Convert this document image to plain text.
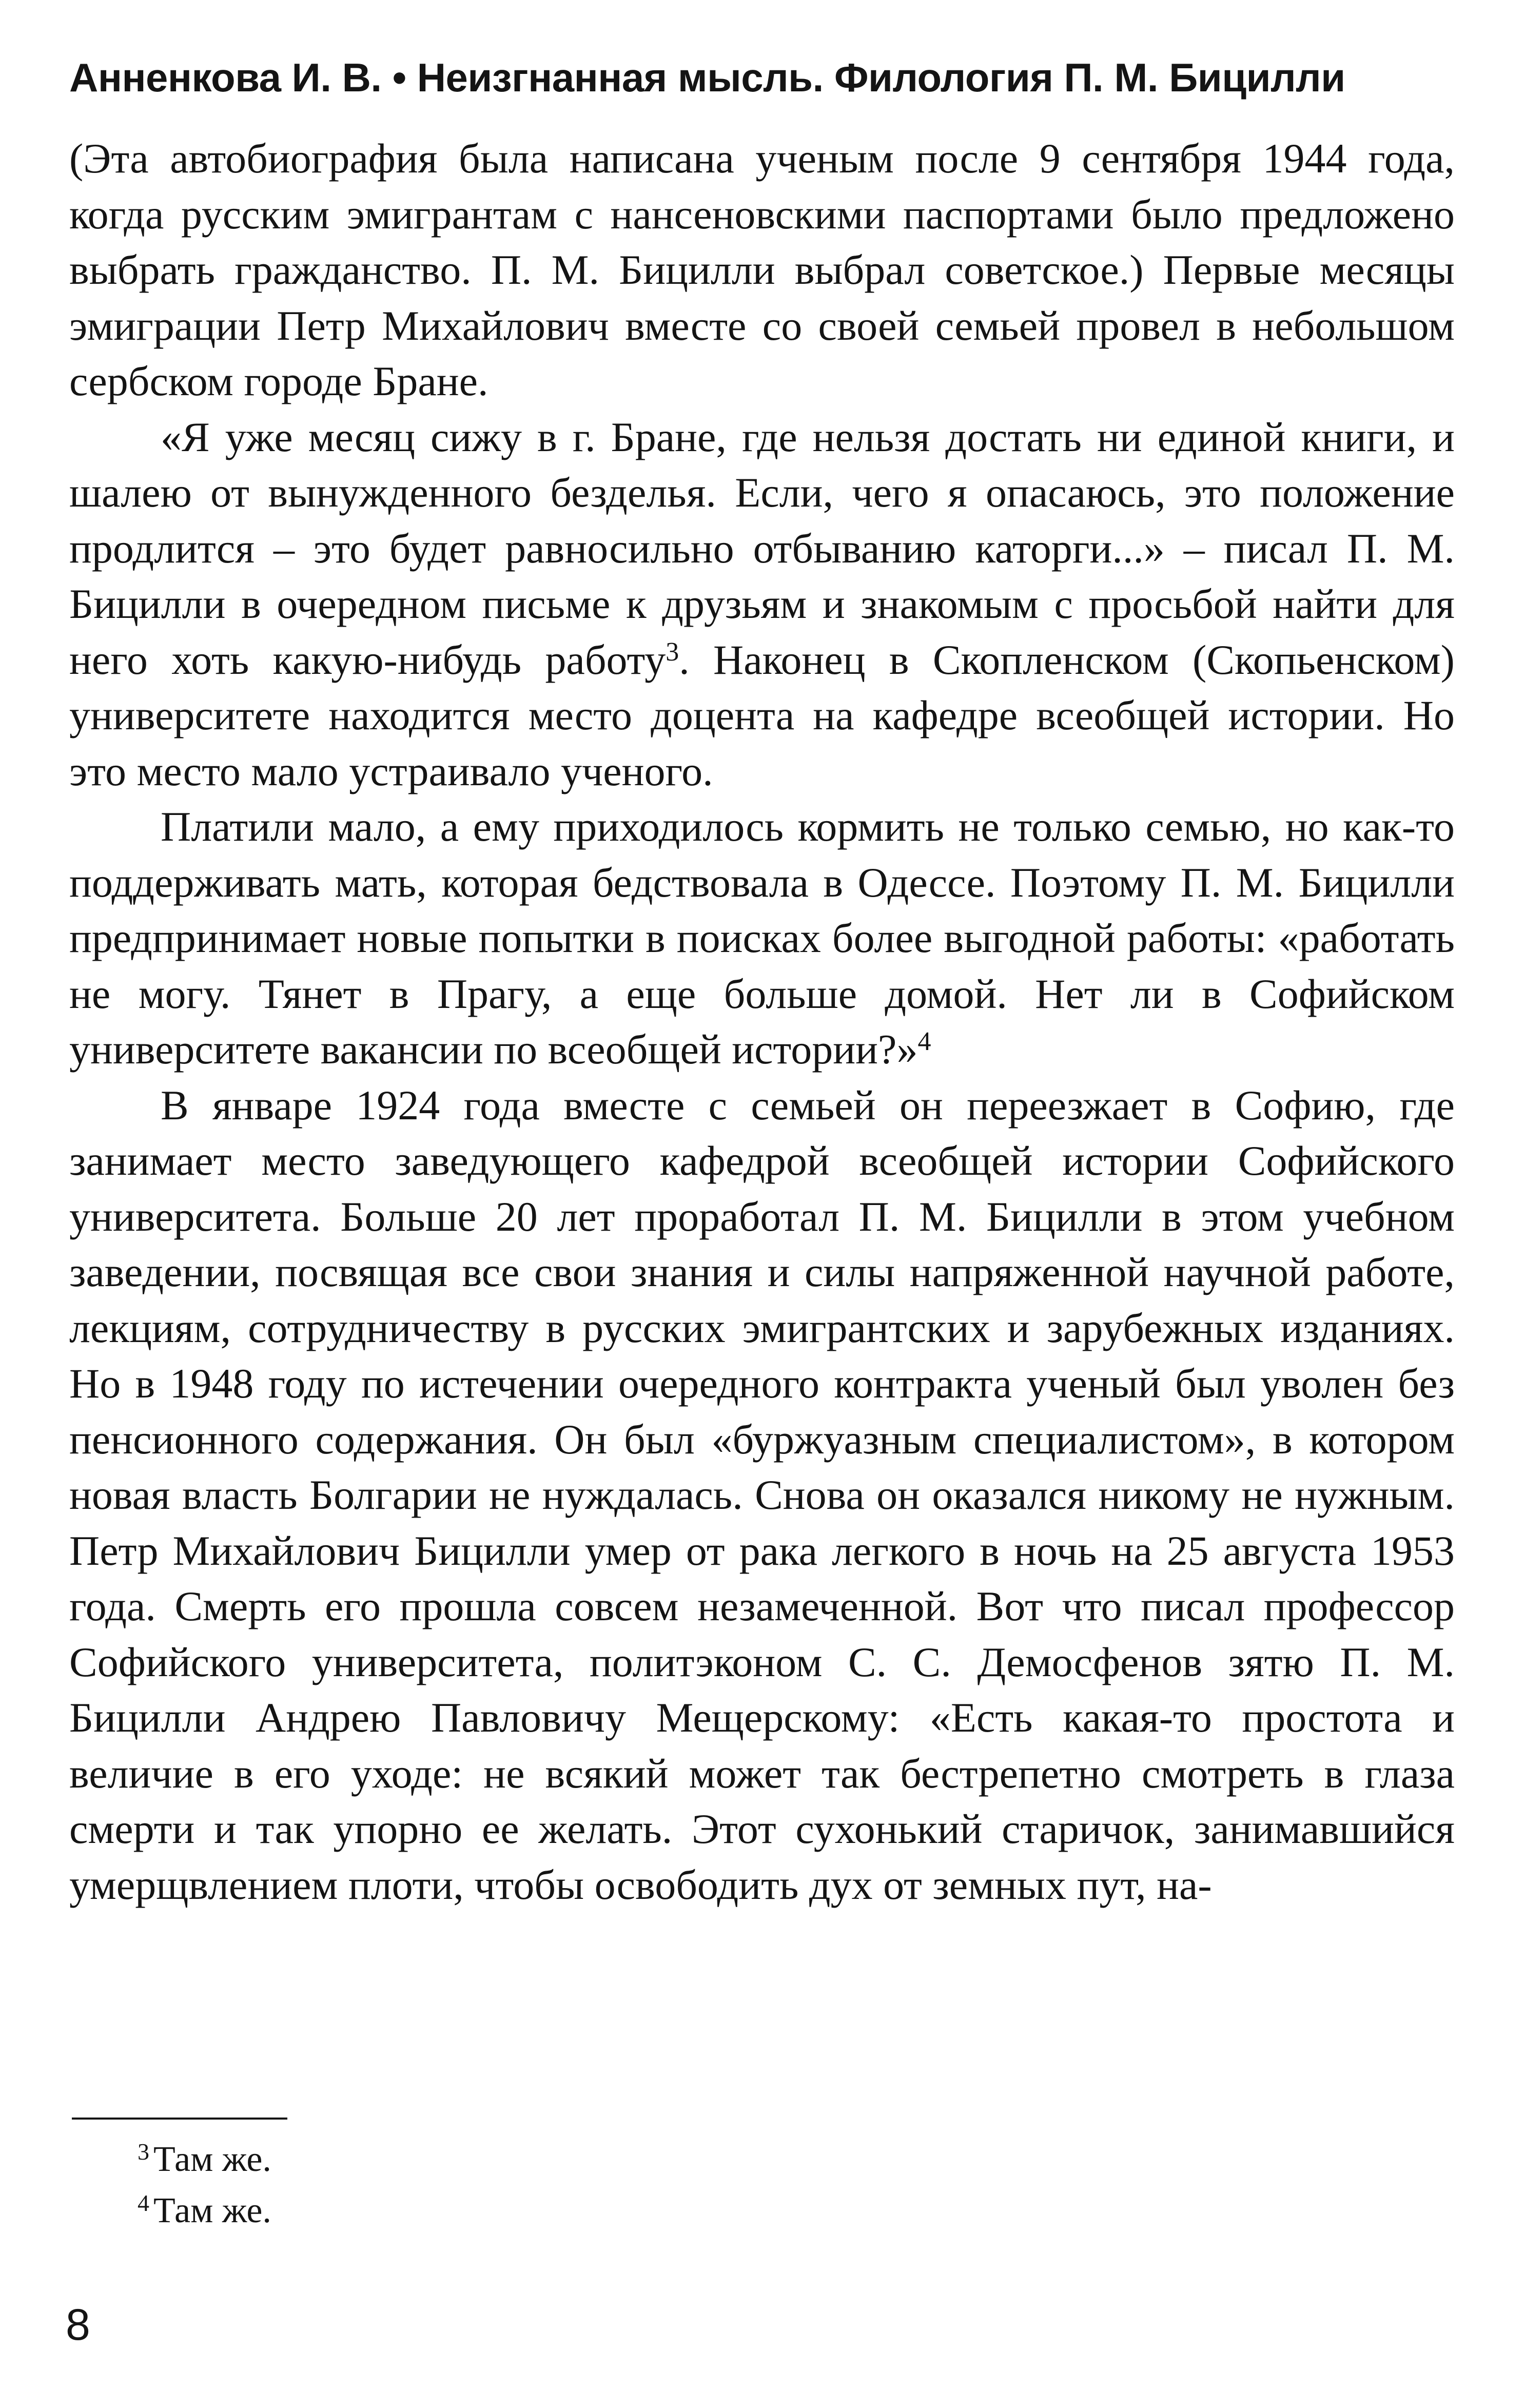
Анненкова И. В. • Неизгнанная мысль. Филология П. М. Бицилли

(Эта автобиография была написана ученым после 9 сентября 1944 года, когда русским эмигрантам с нансеновскими паспортами было предложено выбрать гражданство. П. М. Бицилли выбрал советское.) Первые месяцы эмиграции Петр Михайлович вместе со своей семьей провел в небольшом сербском городе Бране.

«Я уже месяц сижу в г. Бране, где нельзя достать ни единой книги, и шалею от вынужденного безделья. Если, чего я опасаюсь, это положение продлится – это будет равносильно отбыванию каторги...» – писал П. М. Бицилли в очередном письме к друзьям и знакомым с просьбой найти для него хоть какую-нибудь работу$^3$. Наконец в Скопленском (Скопьенском) университете находится место доцента на кафедре всеобщей истории. Но это место мало устраивало ученого.

Платили мало, а ему приходилось кормить не только семью, но как-то поддерживать мать, которая бедствовала в Одессе. Поэтому П. М. Бицилли предпринимает новые попытки в поисках более выгодной работы: «работать не могу. Тянет в Прагу, а еще больше домой. Нет ли в Софийском университете вакансии по всеобщей истории?»$^4$

В январе 1924 года вместе с семьей он переезжает в Софию, где занимает место заведующего кафедрой всеобщей истории Софийского университета. Больше 20 лет проработал П. М. Бицилли в этом учебном заведении, посвящая все свои знания и силы напряженной научной работе, лекциям, сотрудничеству в русских эмигрантских и зарубежных изданиях. Но в 1948 году по истечении очередного контракта ученый был уволен без пенсионного содержания. Он был «буржуазным специалистом», в котором новая власть Болгарии не нуждалась. Снова он оказался никому не нужным. Петр Михайлович Бицилли умер от рака легкого в ночь на 25 августа 1953 года. Смерть его прошла совсем незамеченной. Вот что писал профессор Софийского университета, политэконом С. С. Демосфенов зятю П. М. Бицилли Андрею Павловичу Мещерскому: «Есть какая-то простота и величие в его уходе: не всякий может так бестрепетно смотреть в глаза смерти и так упорно ее желать. Этот сухонький старичок, занимавшийся умерщвлением плоти, чтобы освободить дух от земных пут, на-

$^3$ Там же.
$^4$ Там же.
8
